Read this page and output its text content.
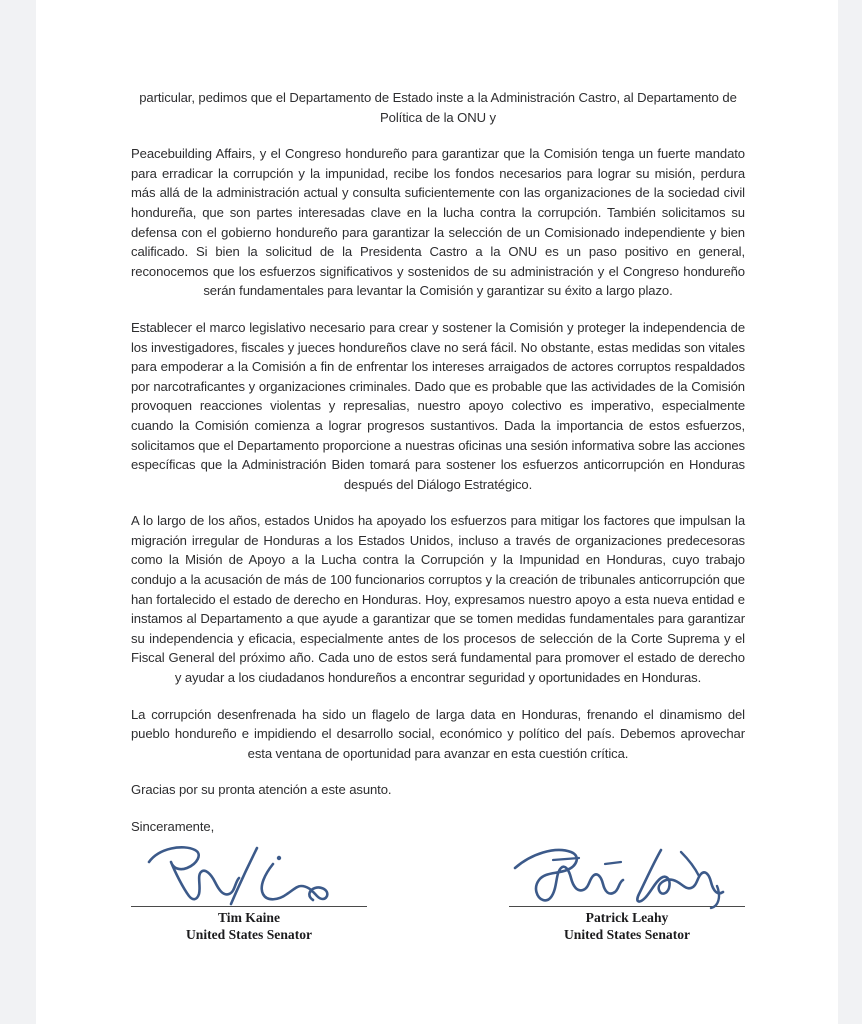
particular, pedimos que el Departamento de Estado inste a la Administración Castro, al Departamento de Política de la ONU y

Peacebuilding Affairs, y el Congreso hondureño para garantizar que la Comisión tenga un fuerte mandato para erradicar la corrupción y la impunidad, recibe los fondos necesarios para lograr su misión, perdura más allá de la administración actual y consulta suficientemente con las organizaciones de la sociedad civil hondureña, que son partes interesadas clave en la lucha contra la corrupción. También solicitamos su defensa con el gobierno hondureño para garantizar la selección de un Comisionado independiente y bien calificado. Si bien la solicitud de la Presidenta Castro a la ONU es un paso positivo en general, reconocemos que los esfuerzos significativos y sostenidos de su administración y el Congreso hondureño serán fundamentales para levantar la Comisión y garantizar su éxito a largo plazo.

Establecer el marco legislativo necesario para crear y sostener la Comisión y proteger la independencia de los investigadores, fiscales y jueces hondureños clave no será fácil. No obstante, estas medidas son vitales para empoderar a la Comisión a fin de enfrentar los intereses arraigados de actores corruptos respaldados por narcotraficantes y organizaciones criminales. Dado que es probable que las actividades de la Comisión provoquen reacciones violentas y represalias, nuestro apoyo colectivo es imperativo, especialmente cuando la Comisión comienza a lograr progresos sustantivos. Dada la importancia de estos esfuerzos, solicitamos que el Departamento proporcione a nuestras oficinas una sesión informativa sobre las acciones específicas que la Administración Biden tomará para sostener los esfuerzos anticorrupción en Honduras después del Diálogo Estratégico.

A lo largo de los años, estados Unidos ha apoyado los esfuerzos para mitigar los factores que impulsan la migración irregular de Honduras a los Estados Unidos, incluso a través de organizaciones predecesoras como la Misión de Apoyo a la Lucha contra la Corrupción y la Impunidad en Honduras, cuyo trabajo condujo a la acusación de más de 100 funcionarios corruptos y la creación de tribunales anticorrupción que han fortalecido el estado de derecho en Honduras. Hoy, expresamos nuestro apoyo a esta nueva entidad e instamos al Departamento a que ayude a garantizar que se tomen medidas fundamentales para garantizar su independencia y eficacia, especialmente antes de los procesos de selección de la Corte Suprema y el Fiscal General del próximo año. Cada uno de estos será fundamental para promover el estado de derecho y ayudar a los ciudadanos hondureños a encontrar seguridad y oportunidades en Honduras.

La corrupción desenfrenada ha sido un flagelo de larga data en Honduras, frenando el dinamismo del pueblo hondureño e impidiendo el desarrollo social, económico y político del país. Debemos aprovechar esta ventana de oportunidad para avanzar en esta cuestión crítica.

Gracias por su pronta atención a este asunto.

Sinceramente,

Tim Kaine
United States Senator
Patrick Leahy
United States Senator
